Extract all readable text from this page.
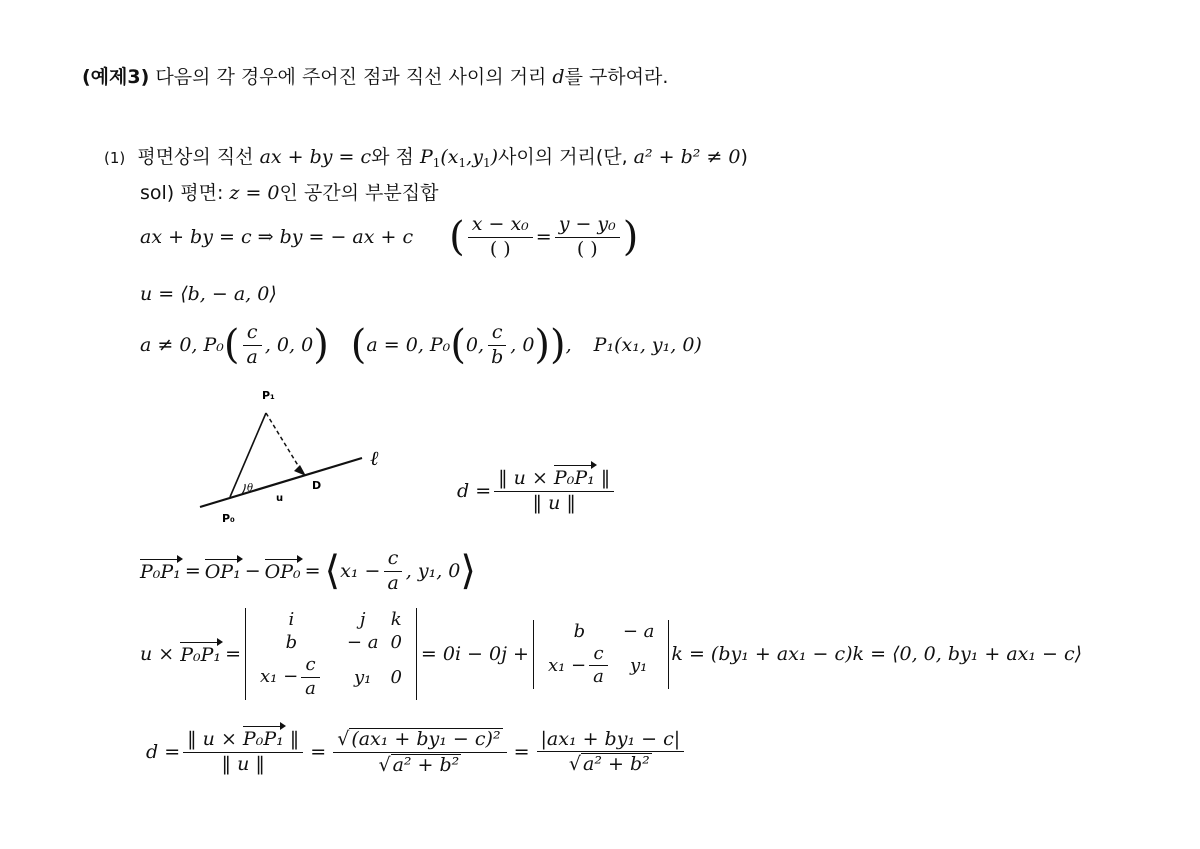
(예제3) 다음의 각 경우에 주어진 점과 직선 사이의 거리 d를 구하여라.
(1) 평면상의 직선 ax + by = c와 점 $P_1(x_1,y_1)$사이의 거리(단, a² + b² ≠ 0)
sol) 평면: z = 0인 공간의 부분집합
ax + by = c ⇒ by = − ax + c ( $\frac{\text{x − x₀}}{( )} = \frac{\text{y − y₀}}{( )}$ )
u = ⟨b, − a, 0⟩
a ≠ 0, P₀ ( $\frac{c}{a}$ , 0, 0 ) ( a = 0, P₀ ( 0, $\frac{c}{b}$ , 0 )) , P₁(x₁, y₁, 0)
P₁
P₀
D
u
θ
ℓ
$d = \frac{\text{‖ u × P₀P₁ ‖}}{‖ u ‖}$
P₀P₁ = OP₁ − OP₀ = ⟨ $x_1 - \frac{c}{a}$ , y₁, 0 ⟩
u ×
P₀P₁ =
i		j	k
b		− a	0
$x_1 - \frac{c}{a}$		y₁	0
= 0i − 0j +
b	− a
$x_1 - \frac{c}{a}$	y₁
k = (by₁ + ax₁ − c)k = ⟨0, 0, by₁ + ax₁ − c⟩
$d = \frac{\text{‖ u × P₀P₁ ‖}}{‖ u ‖} = \frac{\text{√ (ax₁ + by₁ − c)²}}{\text{√ a² + b²}} = \frac{\text{|ax₁ + by₁ − c|}}{\text{√ a² + b²}}$
